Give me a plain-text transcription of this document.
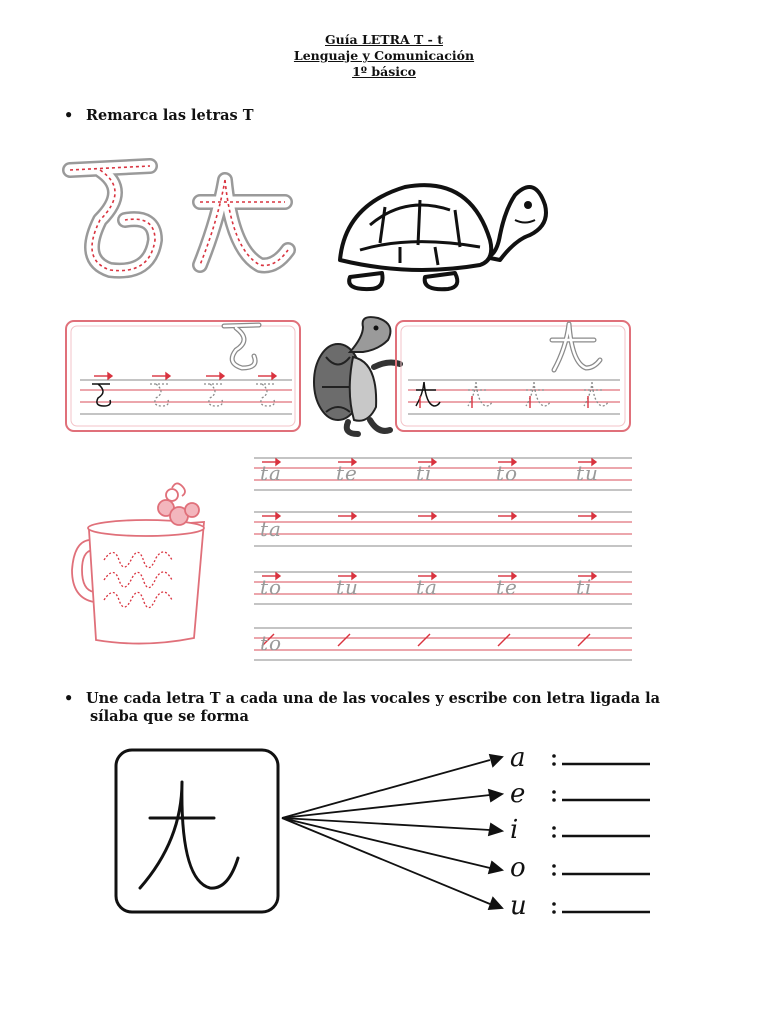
Guía LETRA T - t
Lenguaje y Comunicación
1º básico
• Remarca las letras T
ta	te	ti	to	tu
ta
to	tu	ta	te	ti
to
• Une cada letra T a cada una de las vocales y escribe con letra ligada la
sílaba que se forma
a
e
i
o
u
